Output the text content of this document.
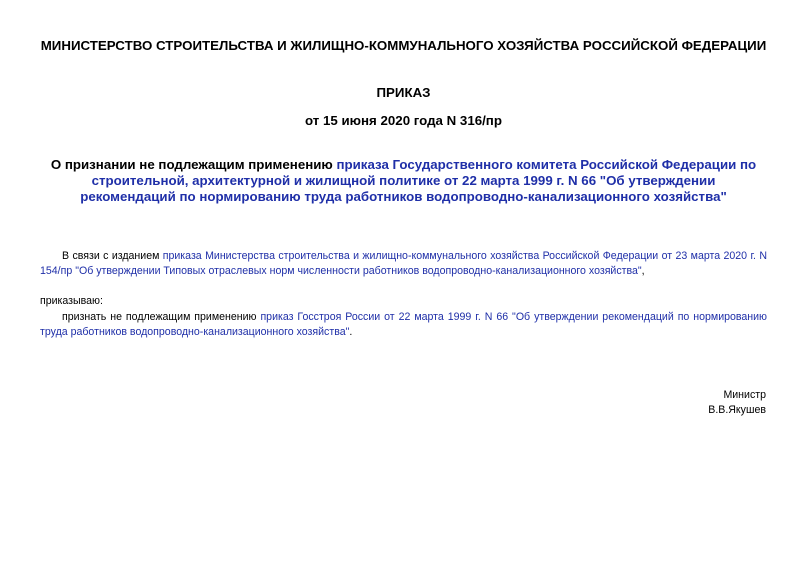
МИНИСТЕРСТВО СТРОИТЕЛЬСТВА И ЖИЛИЩНО-КОММУНАЛЬНОГО ХОЗЯЙСТВА РОССИЙСКОЙ ФЕДЕРАЦИИ
ПРИКАЗ
от 15 июня 2020 года N 316/пр
О признании не подлежащим применению приказа Государственного комитета Российской Федерации по строительной, архитектурной и жилищной политике от 22 марта 1999 г. N 66 "Об утверждении рекомендаций по нормированию труда работников водопроводно-канализационного хозяйства"
В связи с изданием приказа Министерства строительства и жилищно-коммунального хозяйства Российской Федерации от 23 марта 2020 г. N 154/пр "Об утверждении Типовых отраслевых норм численности работников водопроводно-канализационного хозяйства",
приказываю:
признать не подлежащим применению приказ Госстроя России от 22 марта 1999 г. N 66 "Об утверждении рекомендаций по нормированию труда работников водопроводно-канализационного хозяйства".
Министр
В.В.Якушев
